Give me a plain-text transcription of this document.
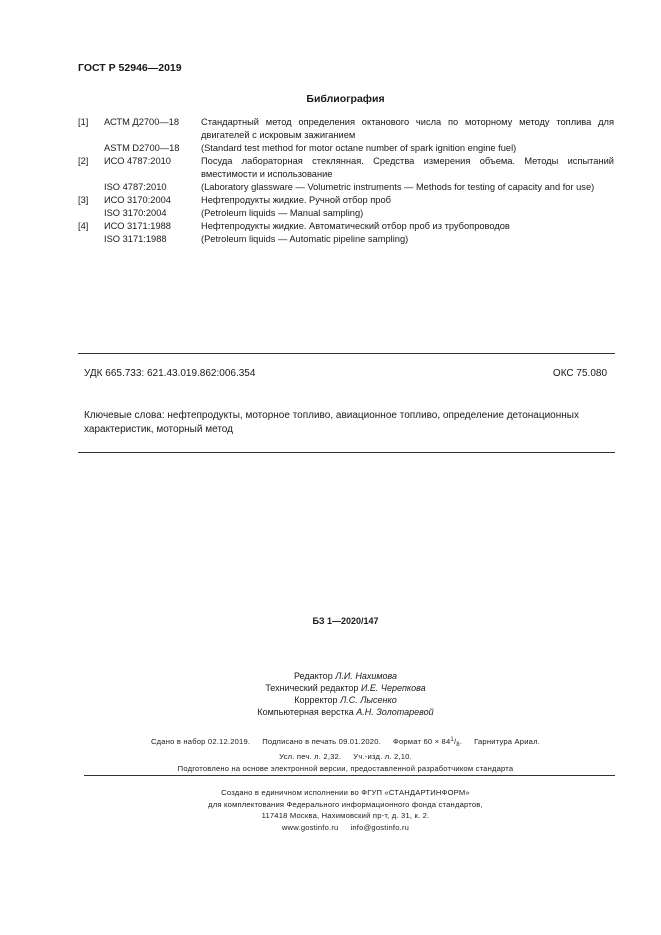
ГОСТ Р 52946—2019
Библиография
[1]	АСТМ Д2700—18	Стандартный метод определения октанового числа по моторному методу топлива для двигателей с искровым зажиганием
ASTM D2700—18	(Standard test method for motor octane number of spark ignition engine fuel)
[2]	ИСО 4787:2010	Посуда лабораторная стеклянная. Средства измерения объема. Методы испытаний вместимости и использование
ISO 4787:2010	(Laboratory glassware — Volumetric instruments — Methods for testing of capacity and for use)
[3]	ИСО 3170:2004	Нефтепродукты жидкие. Ручной отбор проб
ISO 3170:2004	(Petroleum liquids — Manual sampling)
[4]	ИСО 3171:1988	Нефтепродукты жидкие. Автоматический отбор проб из трубопроводов
ISO 3171:1988	(Petroleum liquids — Automatic pipeline sampling)
УДК 665.733: 621.43.019.862:006.354	ОКС 75.080
Ключевые слова: нефтепродукты, моторное топливо, авиационное топливо, определение детонационных характеристик, моторный метод
БЗ 1—2020/147
Редактор Л.И. Нахимова
Технический редактор И.Е. Черепкова
Корректор Л.С. Лысенко
Компьютерная верстка А.Н. Золотаревой
Сдано в набор 02.12.2019. Подписано в печать 09.01.2020. Формат $60 \times 84^1/_8$. Гарнитура Ариал.
Усл. печ. л. 2,32. Уч.-изд. л. 2,10.
Подготовлено на основе электронной версии, предоставленной разработчиком стандарта
Создано в единичном исполнении во ФГУП «СТАНДАРТИНФОРМ»
для комплектования Федерального информационного фонда стандартов,
117418 Москва, Нахимовский пр-т, д. 31, к. 2.
www.gostinfo.ru info@gostinfo.ru
